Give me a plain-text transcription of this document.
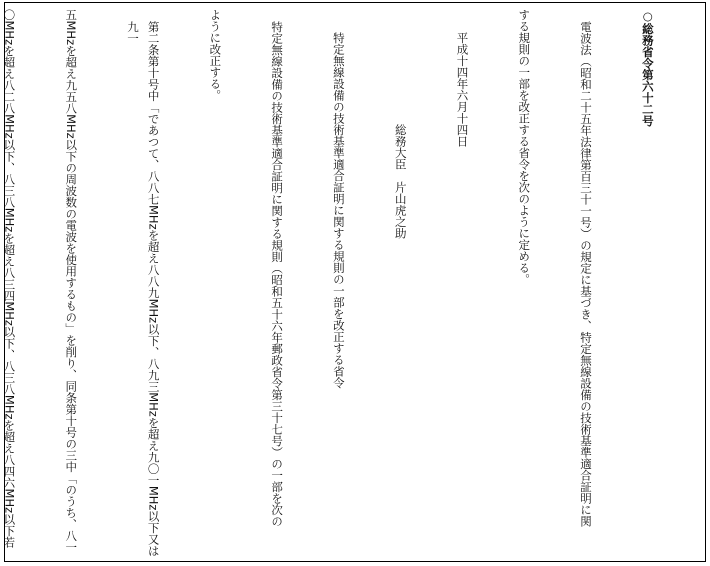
○総務省令第六十二号

電波法（昭和二十五年法律第百三十一号）の規定に基づき、特定無線設備の技術基準適合証明に関

する規則の一部を改正する省令を次のように定める。

平成十四年六月十四日

総務大臣　片山虎之助

特定無線設備の技術基準適合証明に関する規則の一部を改正する省令

特定無線設備の技術基準適合証明に関する規則（昭和五十六年郵政省令第三十七号）の一部を次の

ように改正する。

第二条第十号中「であつて、八八七MHzを超え八八九MHz以下、八九三MHzを超え九〇一MHz以下又は九一

五MHzを超え九五八MHz以下の周波数の電波を使用するもの」を削り、同条第十号の三中「のうち、八一

〇MHzを超え八二八MHz以下、八三八MHzを超え八三四MHz以下、八三八MHzを超え八四六MHz以下若
